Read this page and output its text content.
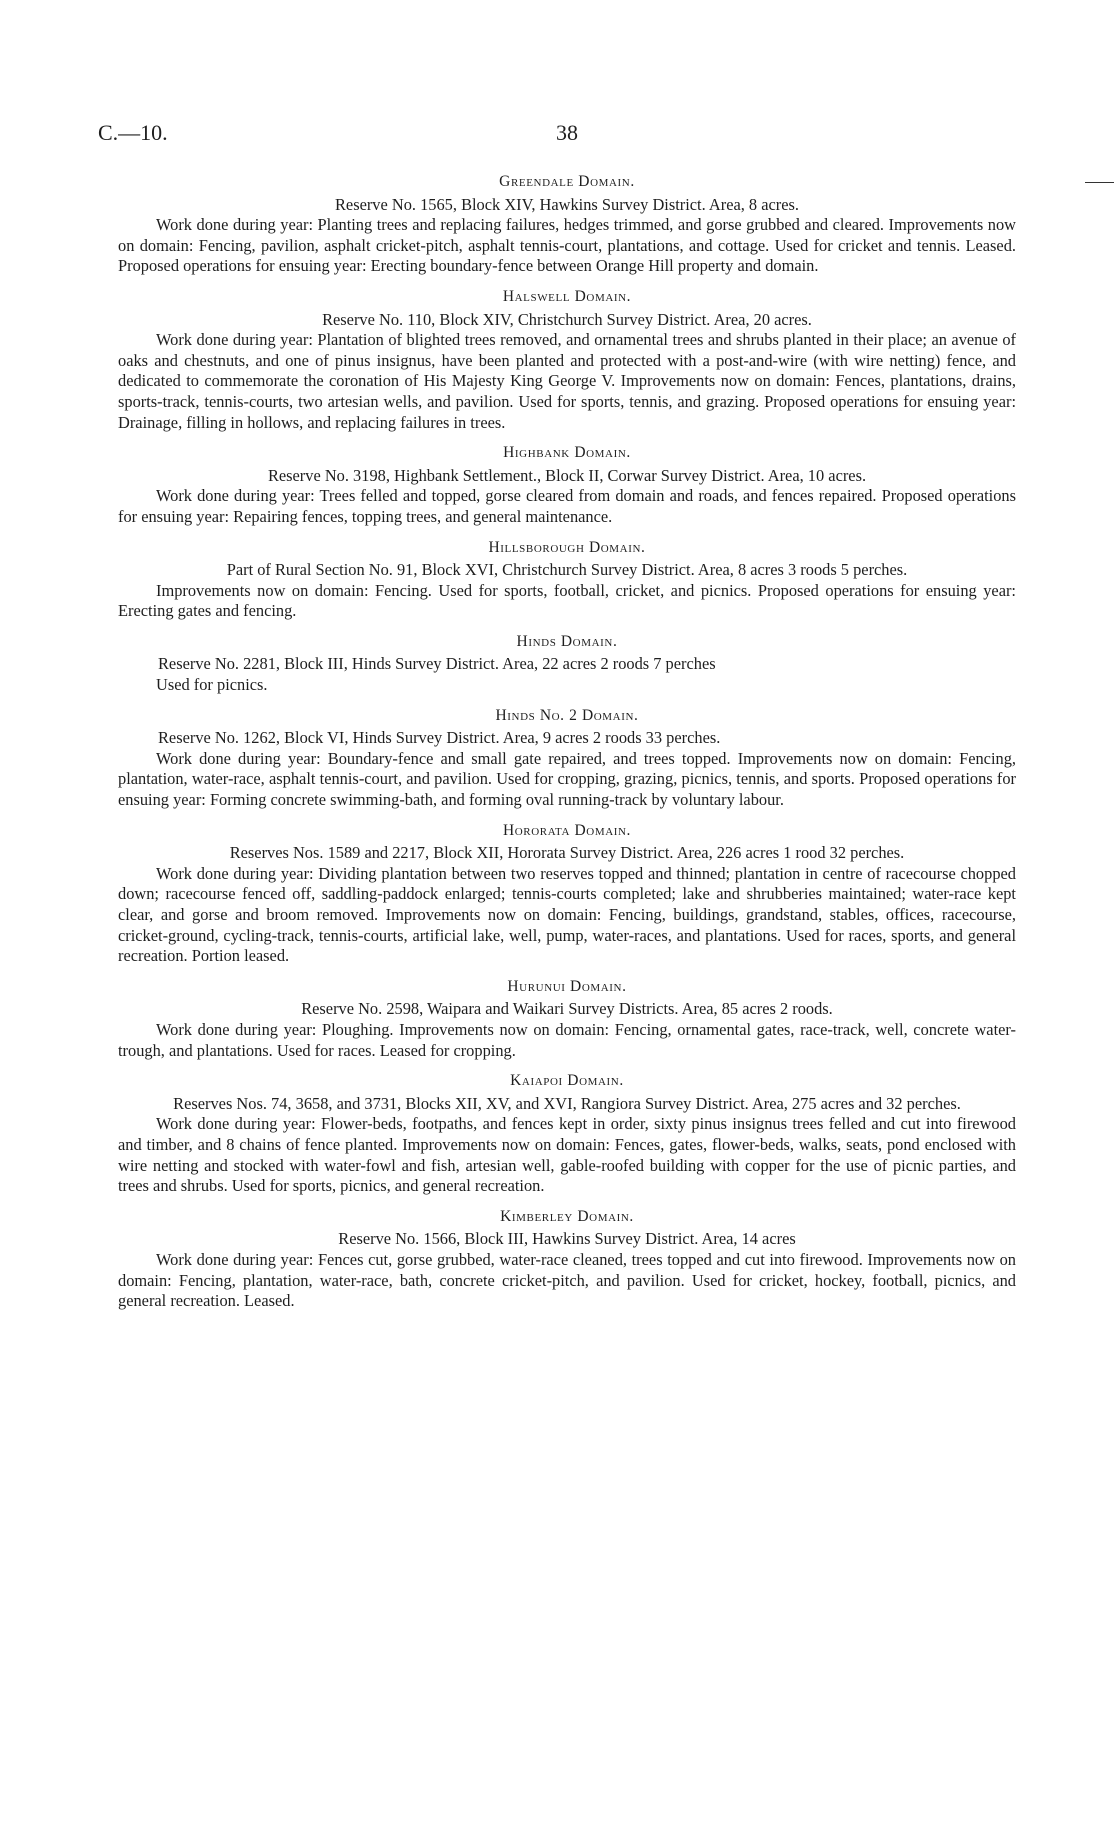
C.—10.	38

Greendale Domain.

Reserve No. 1565, Block XIV, Hawkins Survey District. Area, 8 acres.

Work done during year: Planting trees and replacing failures, hedges trimmed, and gorse grubbed and cleared. Improvements now on domain: Fencing, pavilion, asphalt cricket-pitch, asphalt tennis-court, plantations, and cottage. Used for cricket and tennis. Leased. Proposed operations for ensuing year: Erecting boundary-fence between Orange Hill property and domain.

Halswell Domain.

Reserve No. 110, Block XIV, Christchurch Survey District. Area, 20 acres.

Work done during year: Plantation of blighted trees removed, and ornamental trees and shrubs planted in their place; an avenue of oaks and chestnuts, and one of pinus insignus, have been planted and protected with a post-and-wire (with wire netting) fence, and dedicated to commemorate the coronation of His Majesty King George V. Improvements now on domain: Fences, plantations, drains, sports-track, tennis-courts, two artesian wells, and pavilion. Used for sports, tennis, and grazing. Proposed operations for ensuing year: Drainage, filling in hollows, and replacing failures in trees.

Highbank Domain.

Reserve No. 3198, Highbank Settlement., Block II, Corwar Survey District. Area, 10 acres.

Work done during year: Trees felled and topped, gorse cleared from domain and roads, and fences repaired. Proposed operations for ensuing year: Repairing fences, topping trees, and general maintenance.

Hillsborough Domain.

Part of Rural Section No. 91, Block XVI, Christchurch Survey District. Area, 8 acres 3 roods 5 perches.

Improvements now on domain: Fencing. Used for sports, football, cricket, and picnics. Proposed operations for ensuing year: Erecting gates and fencing.

Hinds Domain.

Reserve No. 2281, Block III, Hinds Survey District. Area, 22 acres 2 roods 7 perches

Used for picnics.

Hinds No. 2 Domain.

Reserve No. 1262, Block VI, Hinds Survey District. Area, 9 acres 2 roods 33 perches.

Work done during year: Boundary-fence and small gate repaired, and trees topped. Improvements now on domain: Fencing, plantation, water-race, asphalt tennis-court, and pavilion. Used for cropping, grazing, picnics, tennis, and sports. Proposed operations for ensuing year: Forming concrete swimming-bath, and forming oval running-track by voluntary labour.

Hororata Domain.

Reserves Nos. 1589 and 2217, Block XII, Hororata Survey District. Area, 226 acres 1 rood 32 perches.

Work done during year: Dividing plantation between two reserves topped and thinned; plantation in centre of racecourse chopped down; racecourse fenced off, saddling-paddock enlarged; tennis-courts completed; lake and shrubberies maintained; water-race kept clear, and gorse and broom removed. Improvements now on domain: Fencing, buildings, grandstand, stables, offices, racecourse, cricket-ground, cycling-track, tennis-courts, artificial lake, well, pump, water-races, and plantations. Used for races, sports, and general recreation. Portion leased.

Hurunui Domain.

Reserve No. 2598, Waipara and Waikari Survey Districts. Area, 85 acres 2 roods.

Work done during year: Ploughing. Improvements now on domain: Fencing, ornamental gates, race-track, well, concrete water-trough, and plantations. Used for races. Leased for cropping.

Kaiapoi Domain.

Reserves Nos. 74, 3658, and 3731, Blocks XII, XV, and XVI, Rangiora Survey District. Area, 275 acres and 32 perches.

Work done during year: Flower-beds, footpaths, and fences kept in order, sixty pinus insignus trees felled and cut into firewood and timber, and 8 chains of fence planted. Improvements now on domain: Fences, gates, flower-beds, walks, seats, pond enclosed with wire netting and stocked with water-fowl and fish, artesian well, gable-roofed building with copper for the use of picnic parties, and trees and shrubs. Used for sports, picnics, and general recreation.

Kimberley Domain.

Reserve No. 1566, Block III, Hawkins Survey District. Area, 14 acres

Work done during year: Fences cut, gorse grubbed, water-race cleaned, trees topped and cut into firewood. Improvements now on domain: Fencing, plantation, water-race, bath, concrete cricket-pitch, and pavilion. Used for cricket, hockey, football, picnics, and general recreation. Leased.
